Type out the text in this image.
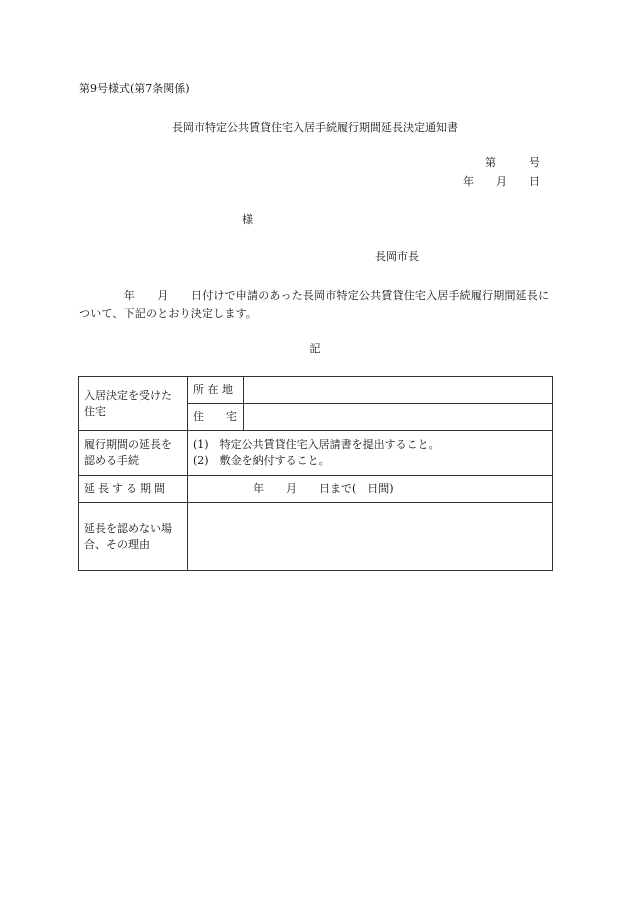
第9号様式(第7条関係)
長岡市特定公共賃貸住宅入居手続履行期間延長決定通知書
第　　　号
年　　月　　日
様
長岡市長
　　　　年　　月　　日付けで申請のあった長岡市特定公共賃貸住宅入居手続履行期間延長について、下記のとおり決定します。
記
入居決定を受けた住宅	所 在 地	
	住　　宅	
履行期間の延長を認める手続	(1)　特定公共賃貸住宅入居請書を提出すること。
(2)　敷金を納付すること。	

延長する期間	年　　月　　日まで(　日間)	
延長を認めない場合、その理由		
